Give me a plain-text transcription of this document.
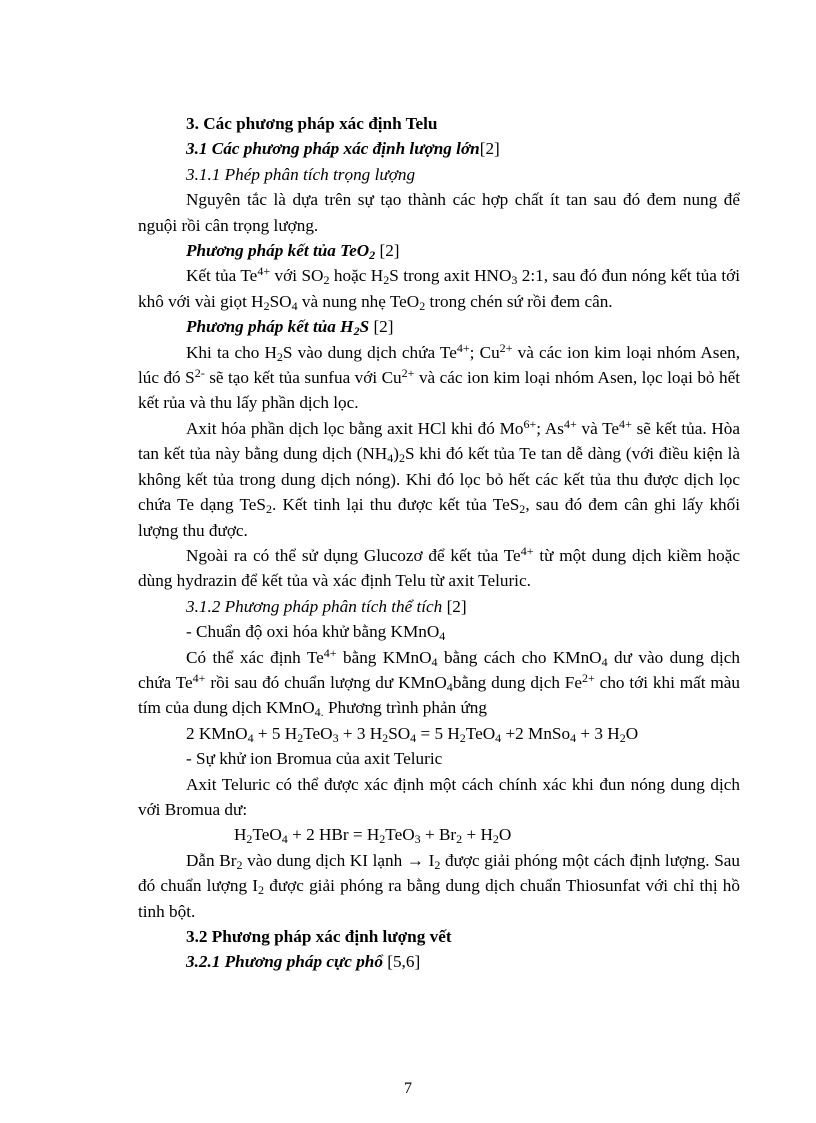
3. Các phương pháp xác định Telu

3.1 Các phương pháp xác định lượng lớn[2]

3.1.1 Phép phân tích trọng lượng

Nguyên tắc là dựa trên sự tạo thành các hợp chất ít tan sau đó đem nung để nguội rồi cân trọng lượng.

Phương pháp kết tủa TeO$_2$ [2]

Kết tủa $Te^{4+}$ với $SO_2$ hoặc $H_2S$ trong axit $HNO_3$ 2:1, sau đó đun nóng kết tủa tới khô với vài giọt $H_2SO_4$ và nung nhẹ TeO$_2$ trong chén sứ rồi đem cân.

Phương pháp kết tủa $H_2S$ [2]

Khi ta cho $H_2S$ vào dung dịch chứa $Te^{4+}$; $Cu^{2+}$ và các ion kim loại nhóm Asen, lúc đó $S^{2-}$ sẽ tạo kết tủa sunfua với $Cu^{2+}$ và các ion kim loại nhóm Asen, lọc loại bỏ hết kết rủa và thu lấy phần dịch lọc.

Axit hóa phần dịch lọc bằng axit HCl khi đó $Mo^{6+}$; $As^{4+}$ và $Te^{4+}$ sẽ kết tủa. Hòa tan kết tủa này bằng dung dịch $(NH_4)_2S$ khi đó kết tủa Te tan dễ dàng (với điều kiện là không kết tủa trong dung dịch nóng). Khi đó lọc bỏ hết các kết tủa thu được dịch lọc chứa Te dạng TeS$_2$. Kết tinh lại thu được kết tủa TeS$_2$, sau đó đem cân ghi lấy khối lượng thu được.

Ngoài ra có thể sử dụng Glucozơ để kết tủa $Te^{4+}$ từ một dung dịch kiềm hoặc dùng hydrazin để kết tủa và xác định Telu từ axit Teluric.

3.1.2 Phương pháp phân tích thể tích [2]

- Chuẩn độ oxi hóa khử bằng KMnO$_4$

Có thể xác định $Te^{4+}$ bằng KMnO$_4$ bằng cách cho KMnO$_4$ dư vào dung dịch chứa $Te^{4+}$ rồi sau đó chuẩn lượng dư KMnO$_4$bằng dung dịch $Fe^{2+}$ cho tới khi mất màu tím của dung dịch KMnO$_{4.}$ Phương trình phản ứng

2 KMnO$_4$ + 5 $H_2TeO_3 + 3$ $H_2SO_4 = 5$ $H_2TeO_4 +2$ MnSo$_4$ + 3 $H_2O$

- Sự khử ion Bromua của axit Teluric

Axit Teluric có thể được xác định một cách chính xác khi đun nóng dung dịch với Bromua dư:

$H_2TeO_4 + 2$ HBr = $H_2TeO_3 + Br_2 + H_2O$

Dẫn $Br_2$ vào dung dịch KI lạnh → $I_2$ được giải phóng một cách định lượng. Sau đó chuẩn lượng $I_2$ được giải phóng ra bằng dung dịch chuẩn Thiosunfat với chỉ thị hồ tinh bột.

3.2 Phương pháp xác định lượng vết

3.2.1 Phương pháp cực phổ [5,6]

7
